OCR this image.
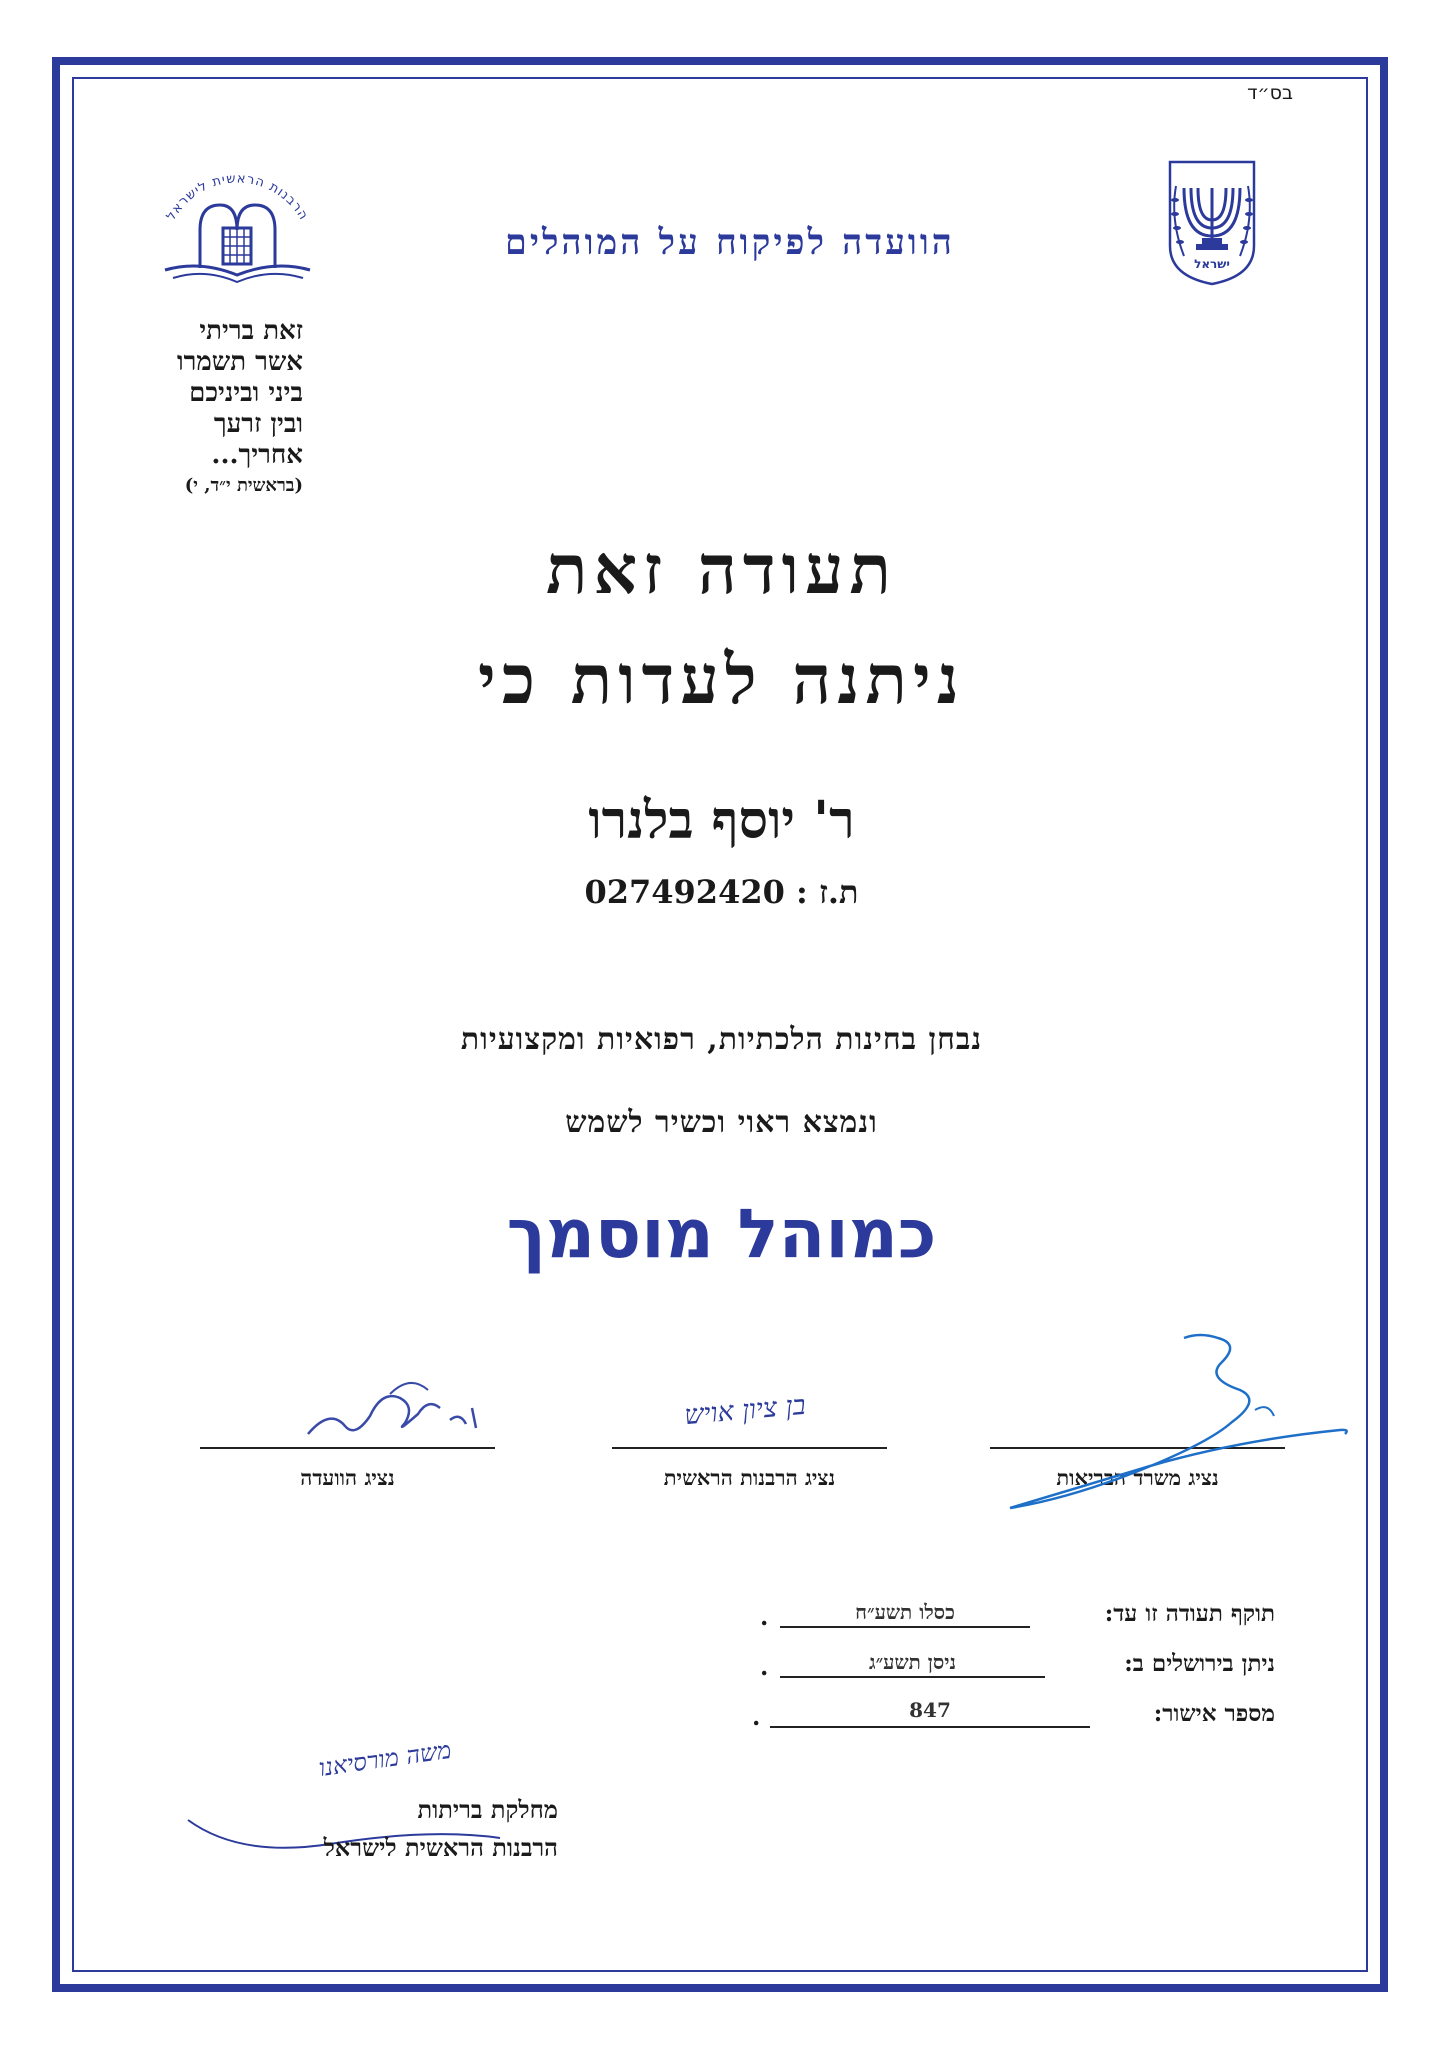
בס״ד
ישראל
הרבנות הראשית לישראל
הוועדה לפיקוח על המוהלים
זאת בריתי
אשר תשמרו
ביני וביניכם
ובין זרעך
אחריך...
(בראשית י״ד, י)
תעודה זאת
ניתנה לעדות כי
ר' יוסף בלנרו
ת.ז : 027492420
נבחן בחינות הלכתיות, רפואיות ומקצועיות
ונמצא ראוי וכשיר לשמש
כמוהל מוסמך
נציג הוועדה
בן ציון אויש
נציג הרבנות הראשית	נציג משרד הבריאות
תוקף תעודה זו עד:
כסלו תשע״ח
.
ניתן בירושלים ב:
ניסן תשע״ג
.
מספר אישור:
847
.
משה מורסיאנו
מחלקת בריתות
הרבנות הראשית לישראל
